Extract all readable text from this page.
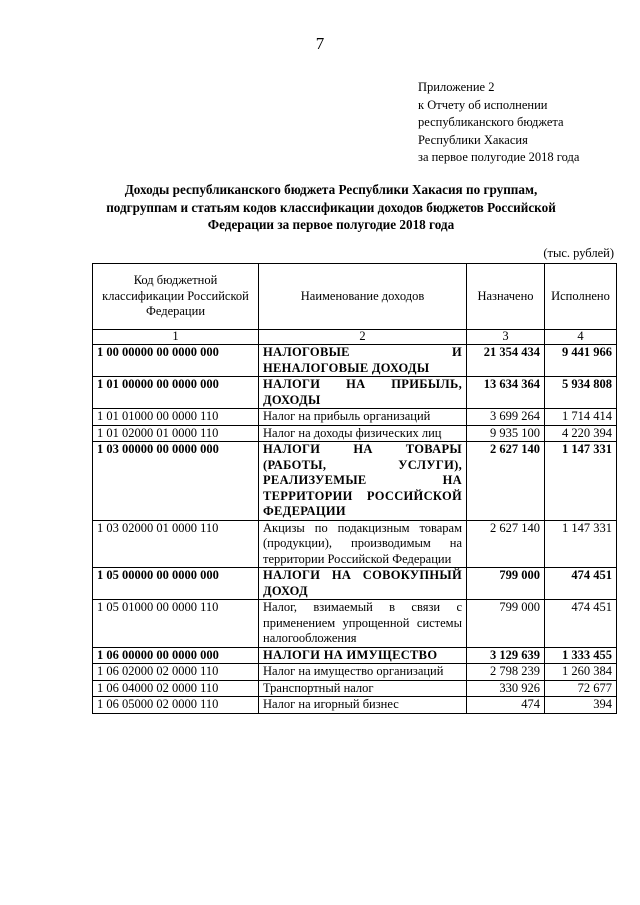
7
Приложение 2
к Отчету об исполнении
республиканского бюджета
Республики Хакасия
за первое полугодие 2018 года
Доходы республиканского бюджета Республики Хакасия по группам, подгруппам и статьям кодов классификации доходов бюджетов Российской Федерации за первое полугодие 2018 года
(тыс. рублей)
Код бюджетной классификации Российской Федерации	Наименование доходов	Назначено	Исполнено
1	2	3	4
1 00 00000 00 0000 000	НАЛОГОВЫЕ И НЕНАЛОГОВЫЕ ДОХОДЫ	21 354 434	9 441 966
1 01 00000 00 0000 000	НАЛОГИ НА ПРИБЫЛЬ, ДОХОДЫ	13 634 364	5 934 808
1 01 01000 00 0000 110	Налог на прибыль организаций	3 699 264	1 714 414
1 01 02000 01 0000 110	Налог на доходы физических лиц	9 935 100	4 220 394
1 03 00000 00 0000 000	НАЛОГИ НА ТОВАРЫ (РАБОТЫ, УСЛУГИ), РЕАЛИЗУЕМЫЕ НА ТЕРРИТОРИИ РОССИЙСКОЙ ФЕДЕРАЦИИ	2 627 140	1 147 331
1 03 02000 01 0000 110	Акцизы по подакцизным товарам (продукции), производимым на территории Российской Федерации	2 627 140	1 147 331
1 05 00000 00 0000 000	НАЛОГИ НА СОВОКУПНЫЙ ДОХОД	799 000	474 451
1 05 01000 00 0000 110	Налог, взимаемый в связи с применением упрощенной системы налогообложения	799 000	474 451
1 06 00000 00 0000 000	НАЛОГИ НА ИМУЩЕСТВО	3 129 639	1 333 455
1 06 02000 02 0000 110	Налог на имущество организаций	2 798 239	1 260 384
1 06 04000 02 0000 110	Транспортный налог	330 926	72 677
1 06 05000 02 0000 110	Налог на игорный бизнес	474	394
